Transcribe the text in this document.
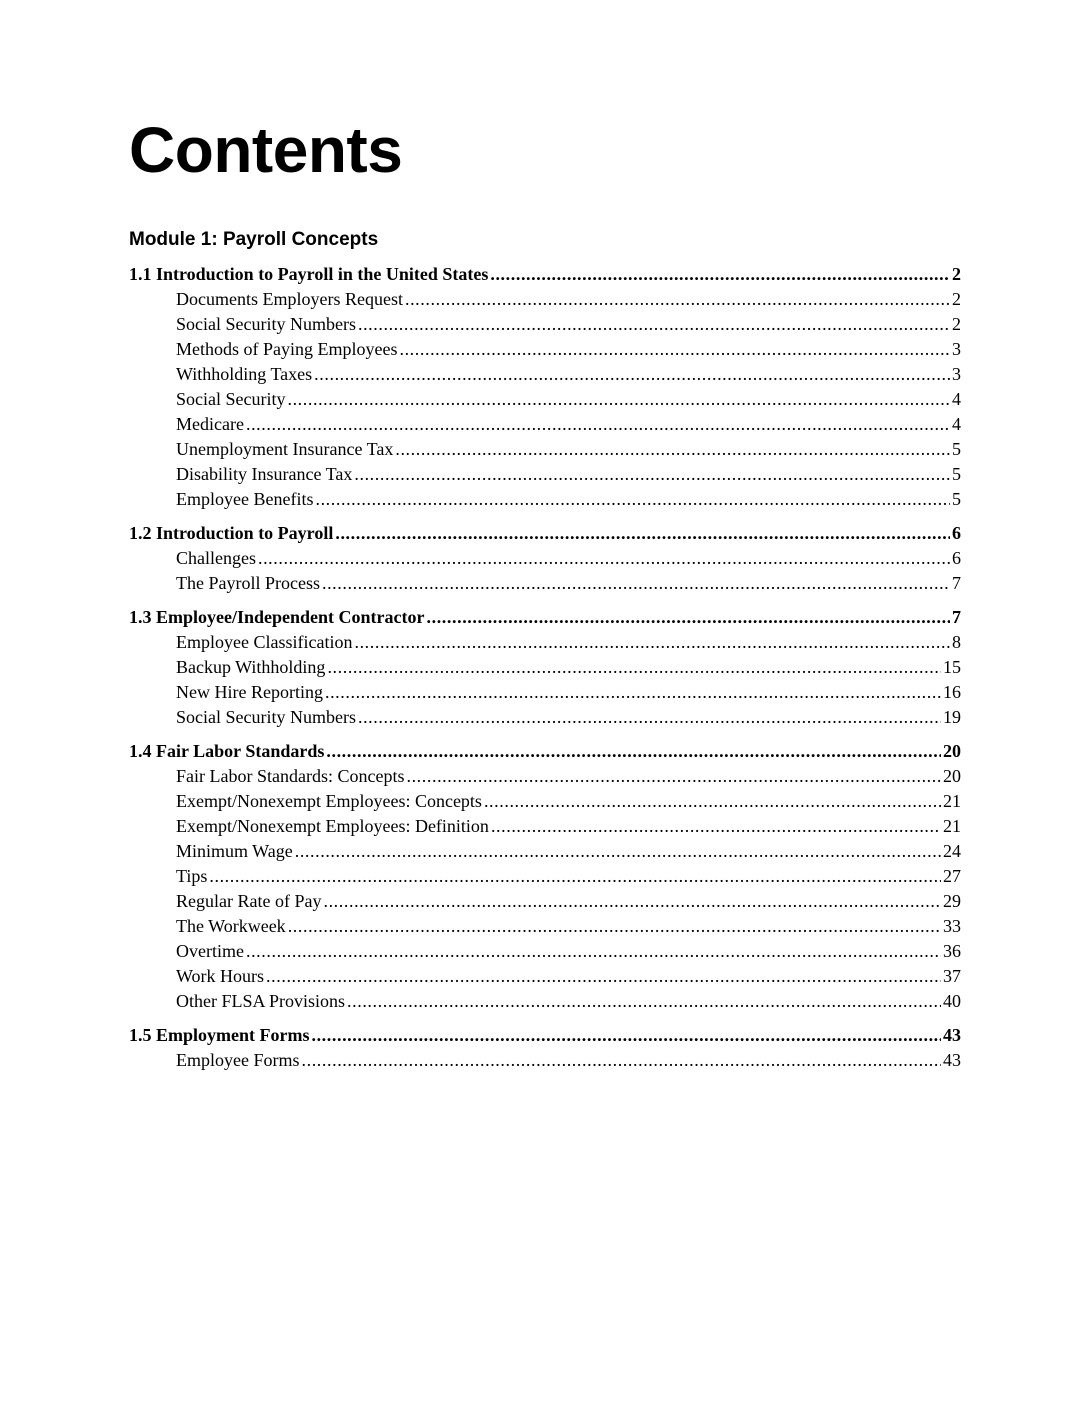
Contents
Module 1: Payroll Concepts
1.1 Introduction to Payroll in the United States .....	2
Documents Employers Request .....	2
Social Security Numbers .....	2
Methods of Paying Employees .....	3
Withholding Taxes .....	3
Social Security .....	4
Medicare .....	4
Unemployment Insurance Tax .....	5
Disability Insurance Tax .....	5
Employee Benefits .....	5
1.2 Introduction to Payroll .....	6
Challenges .....	6
The Payroll Process .....	7
1.3 Employee/Independent Contractor .....	7
Employee Classification .....	8
Backup Withholding .....	15
New Hire Reporting .....	16
Social Security Numbers .....	19
1.4 Fair Labor Standards .....	20
Fair Labor Standards: Concepts .....	20
Exempt/Nonexempt Employees: Concepts .....	21
Exempt/Nonexempt Employees: Definition .....	21
Minimum Wage .....	24
Tips .....	27
Regular Rate of Pay .....	29
The Workweek .....	33
Overtime .....	36
Work Hours .....	37
Other FLSA Provisions .....	40
1.5 Employment Forms .....	43
Employee Forms .....	43
